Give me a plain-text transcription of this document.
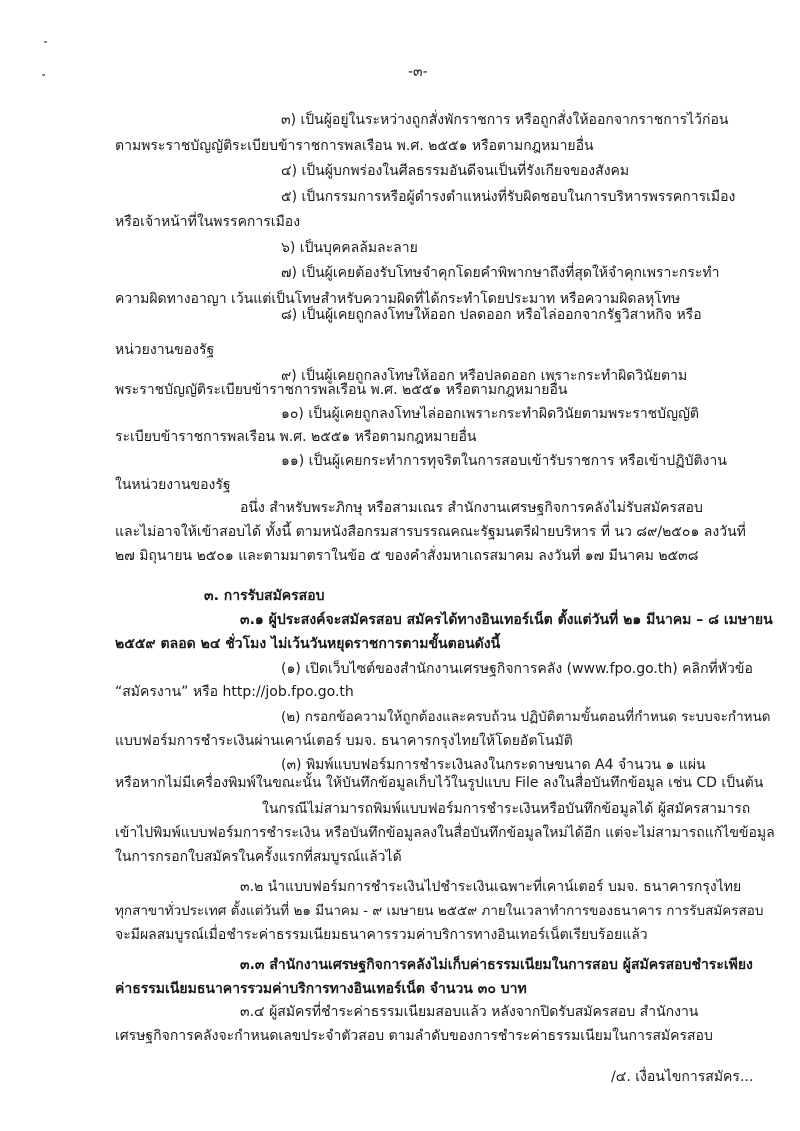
-๓-
๓) เป็นผู้อยู่ในระหว่างถูกสั่งพักราชการ หรือถูกสั่งให้ออกจากราชการไว้ก่อน
ตามพระราชบัญญัติระเบียบข้าราชการพลเรือน พ.ศ. ๒๕๕๑ หรือตามกฎหมายอื่น
๔) เป็นผู้บกพร่องในศีลธรรมอันดีจนเป็นที่รังเกียจของสังคม
๕) เป็นกรรมการหรือผู้ดำรงตำแหน่งที่รับผิดชอบในการบริหารพรรคการเมือง
หรือเจ้าหน้าที่ในพรรคการเมือง
๖) เป็นบุคคลล้มละลาย
๗) เป็นผู้เคยต้องรับโทษจำคุกโดยคำพิพากษาถึงที่สุดให้จำคุกเพราะกระทำ
ความผิดทางอาญา เว้นแต่เป็นโทษสำหรับความผิดที่ได้กระทำโดยประมาท หรือความผิดลหุโทษ
๘) เป็นผู้เคยถูกลงโทษให้ออก ปลดออก หรือไล่ออกจากรัฐวิสาหกิจ หรือ
หน่วยงานของรัฐ
๙) เป็นผู้เคยถูกลงโทษให้ออก หรือปลดออก เพราะกระทำผิดวินัยตาม
พระราชบัญญัติระเบียบข้าราชการพลเรือน พ.ศ. ๒๕๕๑ หรือตามกฎหมายอื่น
๑๐) เป็นผู้เคยถูกลงโทษไล่ออกเพราะกระทำผิดวินัยตามพระราชบัญญัติ
ระเบียบข้าราชการพลเรือน พ.ศ. ๒๕๕๑ หรือตามกฎหมายอื่น
๑๑) เป็นผู้เคยกระทำการทุจริตในการสอบเข้ารับราชการ หรือเข้าปฏิบัติงาน
ในหน่วยงานของรัฐ
อนึ่ง สำหรับพระภิกษุ หรือสามเณร สำนักงานเศรษฐกิจการคลังไม่รับสมัครสอบ
และไม่อาจให้เข้าสอบได้ ทั้งนี้ ตามหนังสือกรมสารบรรณคณะรัฐมนตรีฝ่ายบริหาร ที่ นว ๘๙/๒๕๐๑ ลงวันที่
๒๗ มิถุนายน ๒๕๐๑ และตามมาตราในข้อ ๕ ของคำสั่งมหาเถรสมาคม ลงวันที่ ๑๗ มีนาคม ๒๕๓๘
๓. การรับสมัครสอบ
๓.๑ ผู้ประสงค์จะสมัครสอบ สมัครได้ทางอินเทอร์เน็ต ตั้งแต่วันที่ ๒๑ มีนาคม – ๘ เมษายน
๒๕๕๙ ตลอด ๒๔ ชั่วโมง ไม่เว้นวันหยุดราชการตามขั้นตอนดังนี้
(๑) เปิดเว็บไซต์ของสำนักงานเศรษฐกิจการคลัง (www.fpo.go.th) คลิกที่หัวข้อ
“สมัครงาน” หรือ http://job.fpo.go.th
(๒) กรอกข้อความให้ถูกต้องและครบถ้วน ปฏิบัติตามขั้นตอนที่กำหนด ระบบจะกำหนด
แบบฟอร์มการชำระเงินผ่านเคาน์เตอร์ บมจ. ธนาคารกรุงไทยให้โดยอัตโนมัติ
(๓) พิมพ์แบบฟอร์มการชำระเงินลงในกระดาษขนาด A4 จำนวน ๑ แผ่น
หรือหากไม่มีเครื่องพิมพ์ในขณะนั้น ให้บันทึกข้อมูลเก็บไว้ในรูปแบบ File ลงในสื่อบันทึกข้อมูล เช่น CD เป็นต้น
ในกรณีไม่สามารถพิมพ์แบบฟอร์มการชำระเงินหรือบันทึกข้อมูลได้ ผู้สมัครสามารถ
เข้าไปพิมพ์แบบฟอร์มการชำระเงิน หรือบันทึกข้อมูลลงในสื่อบันทึกข้อมูลใหม่ได้อีก แต่จะไม่สามารถแก้ไขข้อมูล
ในการกรอกใบสมัครในครั้งแรกที่สมบูรณ์แล้วได้
๓.๒ นำแบบฟอร์มการชำระเงินไปชำระเงินเฉพาะที่เคาน์เตอร์ บมจ. ธนาคารกรุงไทย
ทุกสาขาทั่วประเทศ ตั้งแต่วันที่ ๒๑ มีนาคม - ๙ เมษายน ๒๕๕๙ ภายในเวลาทำการของธนาคาร การรับสมัครสอบ
จะมีผลสมบูรณ์เมื่อชำระค่าธรรมเนียมธนาคารรวมค่าบริการทางอินเทอร์เน็ตเรียบร้อยแล้ว
๓.๓ สำนักงานเศรษฐกิจการคลังไม่เก็บค่าธรรมเนียมในการสอบ ผู้สมัครสอบชำระเพียง
ค่าธรรมเนียมธนาคารรวมค่าบริการทางอินเทอร์เน็ต จำนวน ๓๐ บาท
๓.๔ ผู้สมัครที่ชำระค่าธรรมเนียมสอบแล้ว หลังจากปิดรับสมัครสอบ สำนักงาน
เศรษฐกิจการคลังจะกำหนดเลขประจำตัวสอบ ตามลำดับของการชำระค่าธรรมเนียมในการสมัครสอบ
/๔. เงื่อนไขการสมัคร...
